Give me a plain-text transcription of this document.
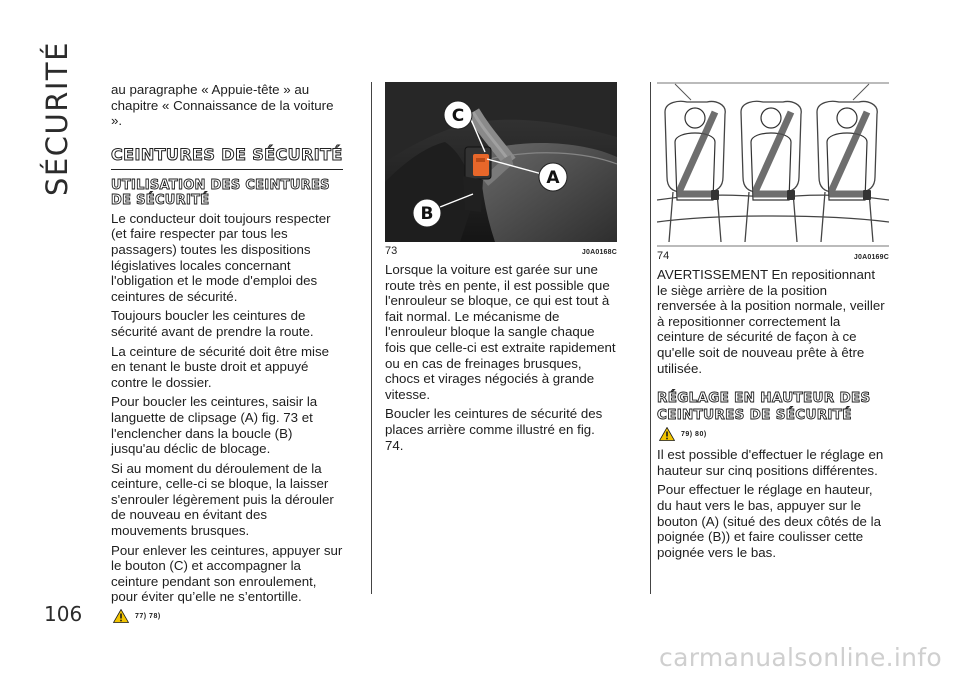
SÉCURITÉ
106

au paragraphe « Appuie-tête » au chapitre « Connaissance de la voiture ».

CEINTURES DE SÉCURITÉ
UTILISATION DES CEINTURES DE SÉCURITÉ

Le conducteur doit toujours respecter (et faire respecter par tous les passagers) toutes les dispositions législatives locales concernant l'obligation et le mode d'emploi des ceintures de sécurité.

Toujours boucler les ceintures de sécurité avant de prendre la route.

La ceinture de sécurité doit être mise en tenant le buste droit et appuyé contre le dossier.

Pour boucler les ceintures, saisir la languette de clipsage (A) fig. 73 et l'enclencher dans la boucle (B) jusqu'au déclic de blocage.

Si au moment du déroulement de la ceinture, celle-ci se bloque, la laisser s'enrouler légèrement puis la dérouler de nouveau en évitant des mouvements brusques.

Pour enlever les ceintures, appuyer sur le bouton (C) et accompagner la ceinture pendant son enroulement, pour éviter qu’elle ne s’entortille.

77) 78)
C
A
B
73	J0A0168C

Lorsque la voiture est garée sur une route très en pente, il est possible que l'enrouleur se bloque, ce qui est tout à fait normal. Le mécanisme de l'enrouleur bloque la sangle chaque fois que celle-ci est extraite rapidement ou en cas de freinages brusques, chocs et virages négociés à grande vitesse.

Boucler les ceintures de sécurité des places arrière comme illustré en fig. 74.

74	J0A0169C

AVERTISSEMENT En repositionnant le siège arrière de la position renversée à la position normale, veiller à repositionner correctement la ceinture de sécurité de façon à ce qu'elle soit de nouveau prête à être utilisée.

RÉGLAGE EN HAUTEUR DES CEINTURES DE SÉCURITÉ
79) 80)

Il est possible d'effectuer le réglage en hauteur sur cinq positions différentes.

Pour effectuer le réglage en hauteur, du haut vers le bas, appuyer sur le bouton (A) (situé des deux côtés de la poignée (B)) et faire coulisser cette poignée vers le bas.

carmanualsonline.info
